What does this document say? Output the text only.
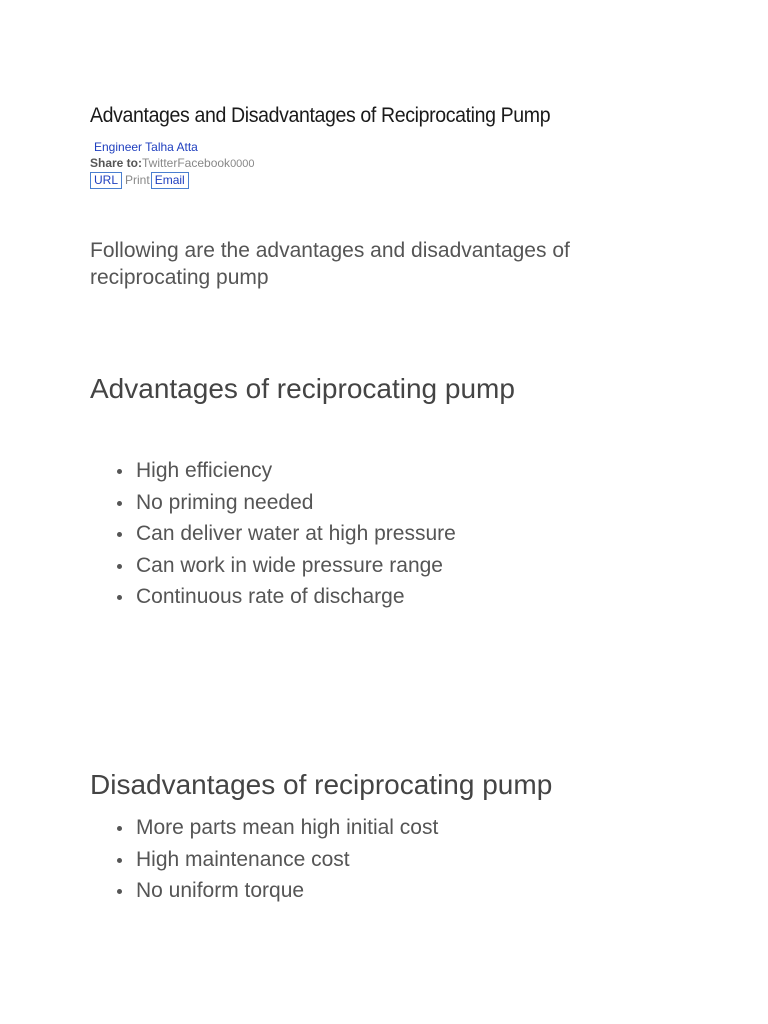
Advantages and Disadvantages of Reciprocating Pump
Engineer Talha Atta
Share to:TwitterFacebook0000
URL Print Email

Following are the advantages and disadvantages of reciprocating pump

Advantages of reciprocating pump
High efficiency
No priming needed
Can deliver water at high pressure
Can work in wide pressure range
Continuous rate of discharge
Disadvantages of reciprocating pump
More parts mean high initial cost
High maintenance cost
No uniform torque
